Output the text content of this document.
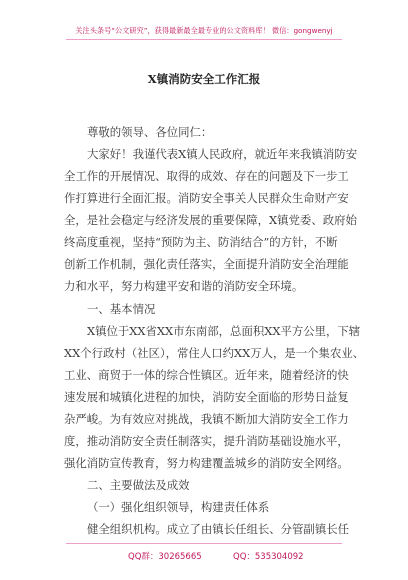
关注头条号“公文研究”，获得最新最全最专业的公文资料库！ 微信：gongwenyj
X镇消防安全工作汇报
尊敬的领导、各位同仁：
大家好！我谨代表X镇人民政府，就近年来我镇消防安
全工作的开展情况、取得的成效、存在的问题及下一步工
作打算进行全面汇报。消防安全事关人民群众生命财产安
全，是社会稳定与经济发展的重要保障，X镇党委、政府始
终高度重视，坚持“预防为主、防消结合”的方针，不断
创新工作机制，强化责任落实，全面提升消防安全治理能
力和水平，努力构建平安和谐的消防安全环境。
一、基本情况
X镇位于XX省XX市东南部，总面积XX平方公里，下辖
XX个行政村（社区），常住人口约XX万人，是一个集农业、
工业、商贸于一体的综合性镇区。近年来，随着经济的快
速发展和城镇化进程的加快，消防安全面临的形势日益复
杂严峻。为有效应对挑战，我镇不断加大消防安全工作力
度，推动消防安全责任制落实，提升消防基础设施水平，
强化消防宣传教育，努力构建覆盖城乡的消防安全网络。
二、主要做法及成效
（一）强化组织领导，构建责任体系
健全组织机构。成立了由镇长任组长、分管副镇长任
QQ群：30265665	QQ：535304092
